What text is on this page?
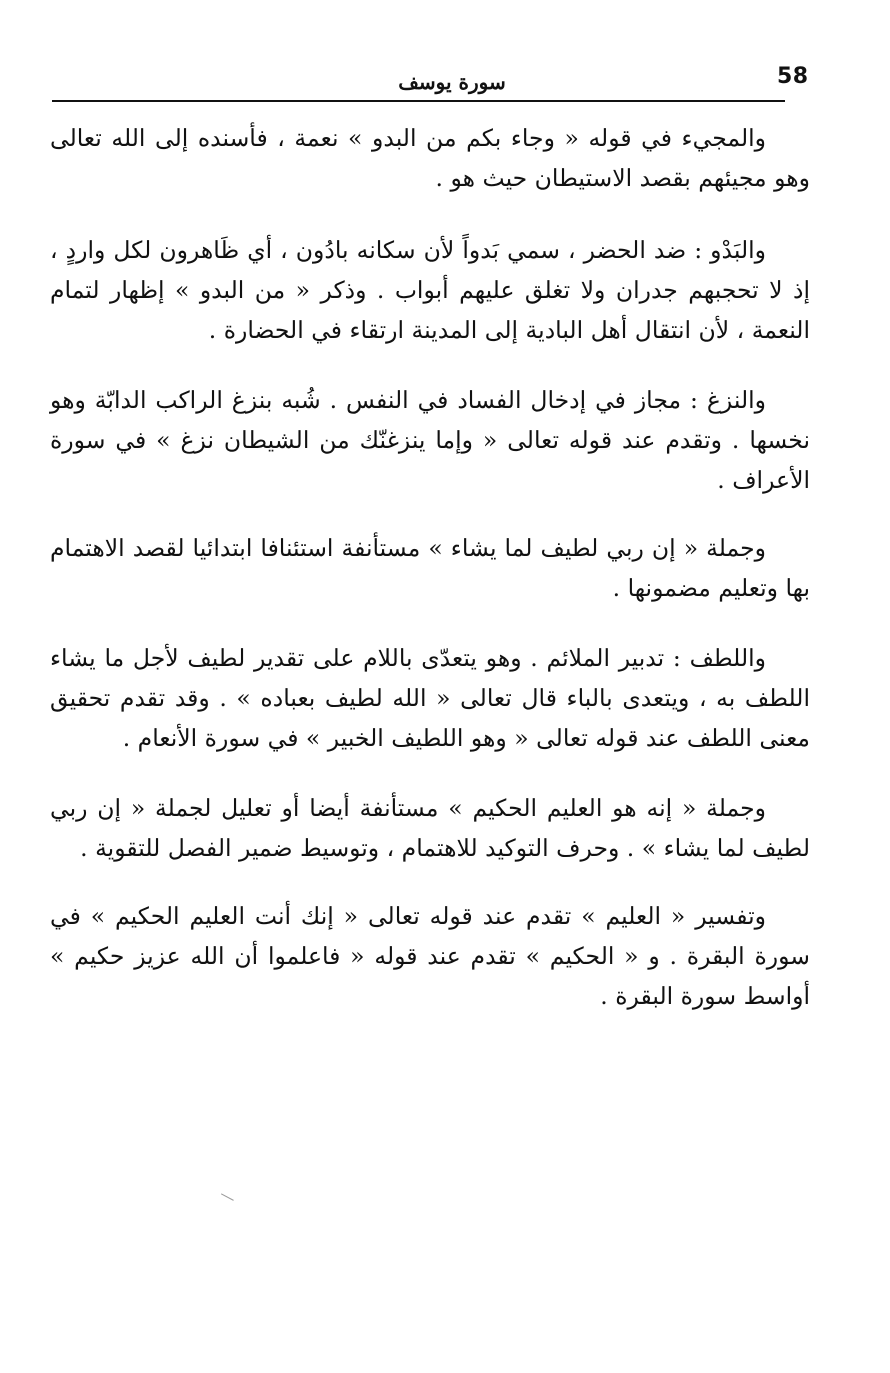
58
سورة يوسف

والمجيء في قوله « وجاء بكم من البدو » نعمة ، فأسنده إلى الله تعالى وهو مجيئهم بقصد الاستيطان حيث هو .

والبَدْو : ضد الحضر ، سمي بَدواً لأن سكانه بادُون ، أي ظَاهرون لكل واردٍ ، إذ لا تحجبهم جدران ولا تغلق عليهم أبواب . وذكر « من البدو » إظهار لتمام النعمة ، لأن انتقال أهل البادية إلى المدينة ارتقاء في الحضارة .

والنزغ : مجاز في إدخال الفساد في النفس . شُبه بنزغ الراكب الدابّة وهو نخسها . وتقدم عند قوله تعالى « وإما ينزغنّك من الشيطان نزغ » في سورة الأعراف .

وجملة « إن ربي لطيف لما يشاء » مستأنفة استئنافا ابتدائيا لقصد الاهتمام بها وتعليم مضمونها .

واللطف : تدبير الملائم . وهو يتعدّى باللام على تقدير لطيف لأجل ما يشاء اللطف به ، ويتعدى بالباء قال تعالى « الله لطيف بعباده » . وقد تقدم تحقيق معنى اللطف عند قوله تعالى « وهو اللطيف الخبير » في سورة الأنعام .

وجملة « إنه هو العليم الحكيم » مستأنفة أيضا أو تعليل لجملة « إن ربي لطيف لما يشاء » . وحرف التوكيد للاهتمام ، وتوسيط ضمير الفصل للتقوية .

وتفسير « العليم » تقدم عند قوله تعالى « إنك أنت العليم الحكيم » في سورة البقرة . و « الحكيم » تقدم عند قوله « فاعلموا أن الله عزيز حكيم » أواسط سورة البقرة .
